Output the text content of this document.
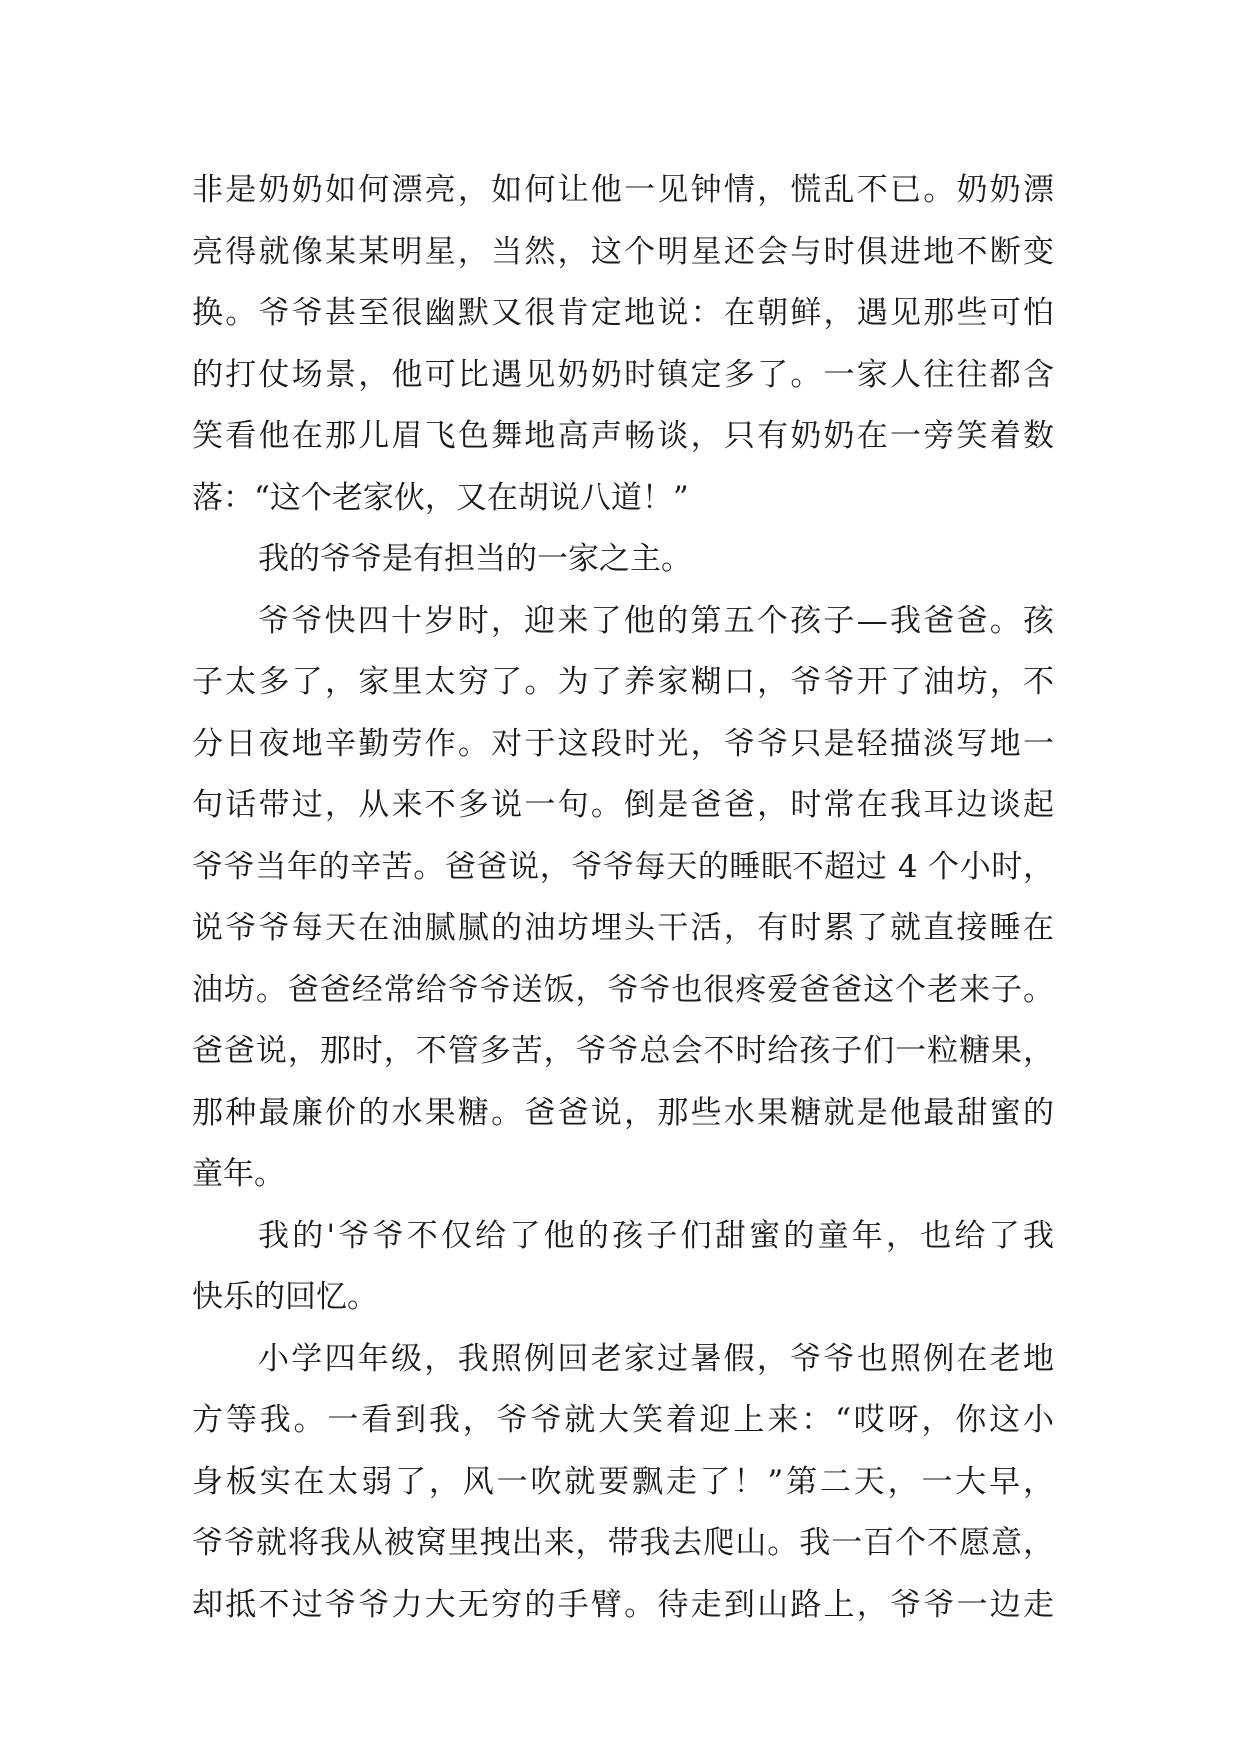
非是奶奶如何漂亮，如何让他一见钟情，慌乱不已。奶奶漂
亮得就像某某明星，当然，这个明星还会与时俱进地不断变
换。爷爷甚至很幽默又很肯定地说：在朝鲜，遇见那些可怕
的打仗场景，他可比遇见奶奶时镇定多了。一家人往往都含
笑看他在那儿眉飞色舞地高声畅谈，只有奶奶在一旁笑着数
落：“这个老家伙，又在胡说八道！”
我的爷爷是有担当的一家之主。
爷爷快四十岁时，迎来了他的第五个孩子—我爸爸。孩
子太多了，家里太穷了。为了养家糊口，爷爷开了油坊，不
分日夜地辛勤劳作。对于这段时光，爷爷只是轻描淡写地一
句话带过，从来不多说一句。倒是爸爸，时常在我耳边谈起
爷爷当年的辛苦。爸爸说，爷爷每天的睡眠不超过 4 个小时，
说爷爷每天在油腻腻的油坊埋头干活，有时累了就直接睡在
油坊。爸爸经常给爷爷送饭，爷爷也很疼爱爸爸这个老来子。
爸爸说，那时，不管多苦，爷爷总会不时给孩子们一粒糖果，
那种最廉价的水果糖。爸爸说，那些水果糖就是他最甜蜜的
童年。
我的'爷爷不仅给了他的孩子们甜蜜的童年，也给了我
快乐的回忆。
小学四年级，我照例回老家过暑假，爷爷也照例在老地
方等我。一看到我，爷爷就大笑着迎上来：“哎呀，你这小
身板实在太弱了，风一吹就要飘走了！”第二天，一大早，
爷爷就将我从被窝里拽出来，带我去爬山。我一百个不愿意，
却抵不过爷爷力大无穷的手臂。待走到山路上，爷爷一边走
